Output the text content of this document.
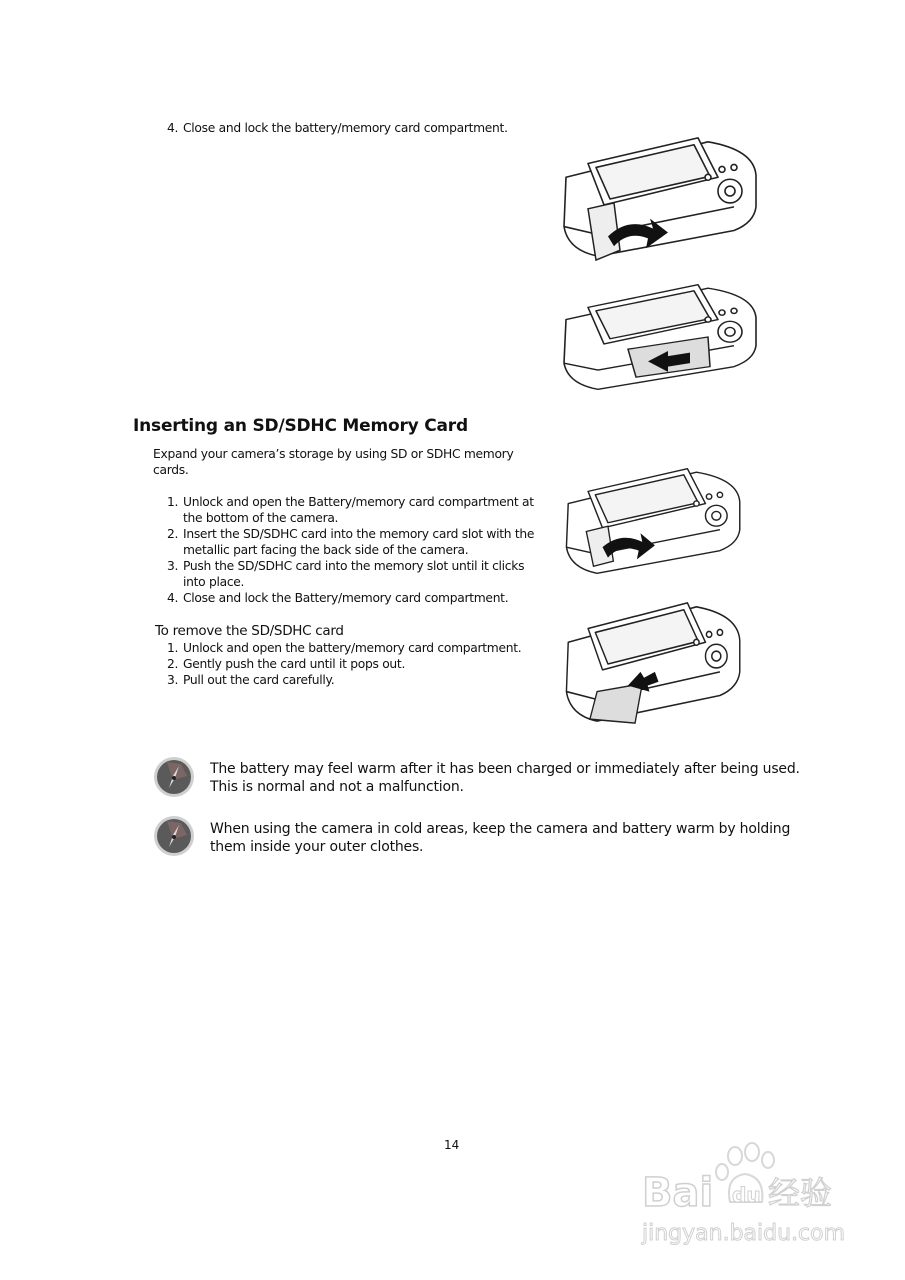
4. Close and lock the battery/memory card compartment.
Inserting an SD/SDHC Memory Card
Expand your camera’s storage by using SD or SDHC memory
cards.
1. Unlock and open the Battery/memory card compartment at
the bottom of the camera.
2. Insert the SD/SDHC card into the memory card slot with the
metallic part facing the back side of the camera.
3. Push the SD/SDHC card into the memory slot until it clicks
into place.
4. Close and lock the Battery/memory card compartment.
To remove the SD/SDHC card
1. Unlock and open the battery/memory card compartment.
2. Gently push the card until it pops out.
3. Pull out the card carefully.
The battery may feel warm after it has been charged or immediately after being used.
This is normal and not a malfunction.
When using the camera in cold areas, keep the camera and battery warm by holding
them inside your outer clothes.
14
Bai du 经验
jingyan.baidu.com
